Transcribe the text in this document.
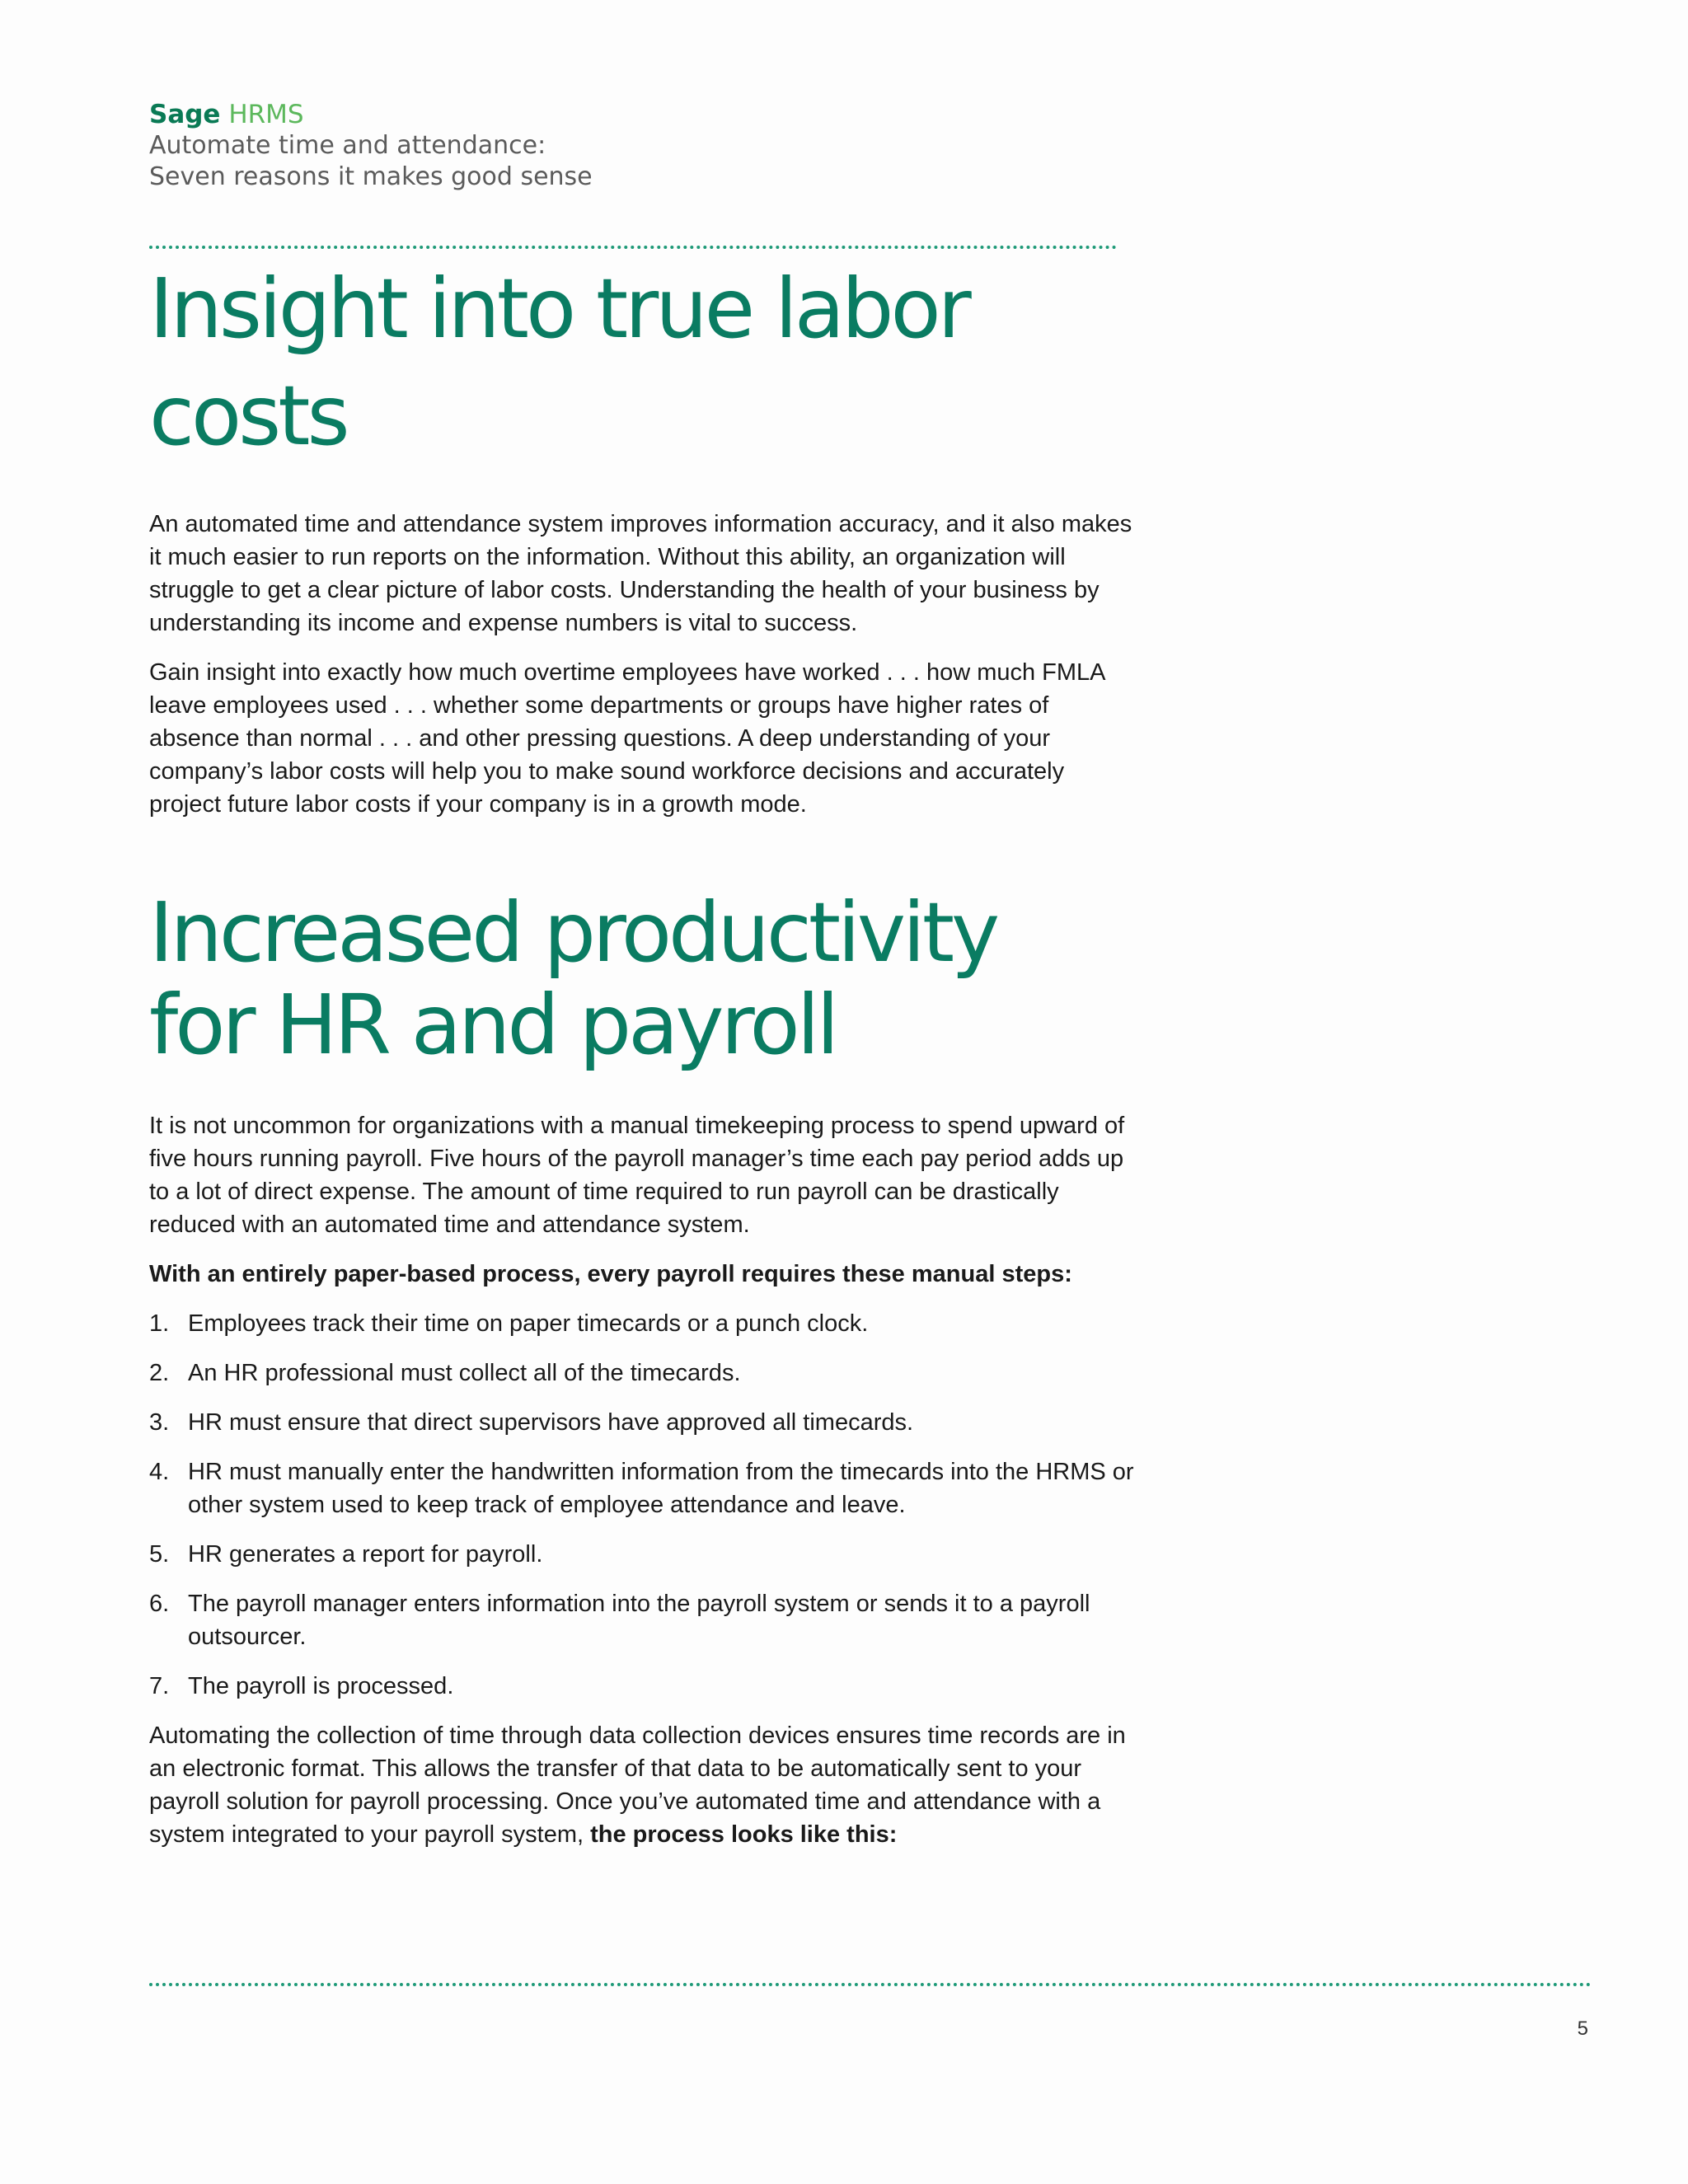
Sage HRMS
Automate time and attendance:
Seven reasons it makes good sense
Insight into true labor costs

An automated time and attendance system improves information accuracy, and it also makes it much easier to run reports on the information. Without this ability, an organization will struggle to get a clear picture of labor costs. Understanding the health of your business by understanding its income and expense numbers is vital to success.

Gain insight into exactly how much overtime employees have worked . . . how much FMLA leave employees used . . . whether some departments or groups have higher rates of absence than normal . . . and other pressing questions. A deep understanding of your company’s labor costs will help you to make sound workforce decisions and accurately project future labor costs if your company is in a growth mode.

Increased productivity
for HR and payroll

It is not uncommon for organizations with a manual timekeeping process to spend upward of five hours running payroll. Five hours of the payroll manager’s time each pay period adds up to a lot of direct expense. The amount of time required to run payroll can be drastically reduced with an automated time and attendance system.

With an entirely paper-based process, every payroll requires these manual steps:

1. Employees track their time on paper timecards or a punch clock.
2. An HR professional must collect all of the timecards.
3. HR must ensure that direct supervisors have approved all timecards.
4. HR must manually enter the handwritten information from the timecards into the HRMS or other system used to keep track of employee attendance and leave.
5. HR generates a report for payroll.
6. The payroll manager enters information into the payroll system or sends it to a payroll outsourcer.
7. The payroll is processed.

Automating the collection of time through data collection devices ensures time records are in an electronic format. This allows the transfer of that data to be automatically sent to your payroll solution for payroll processing. Once you’ve automated time and attendance with a system integrated to your payroll system, the process looks like this:

5
